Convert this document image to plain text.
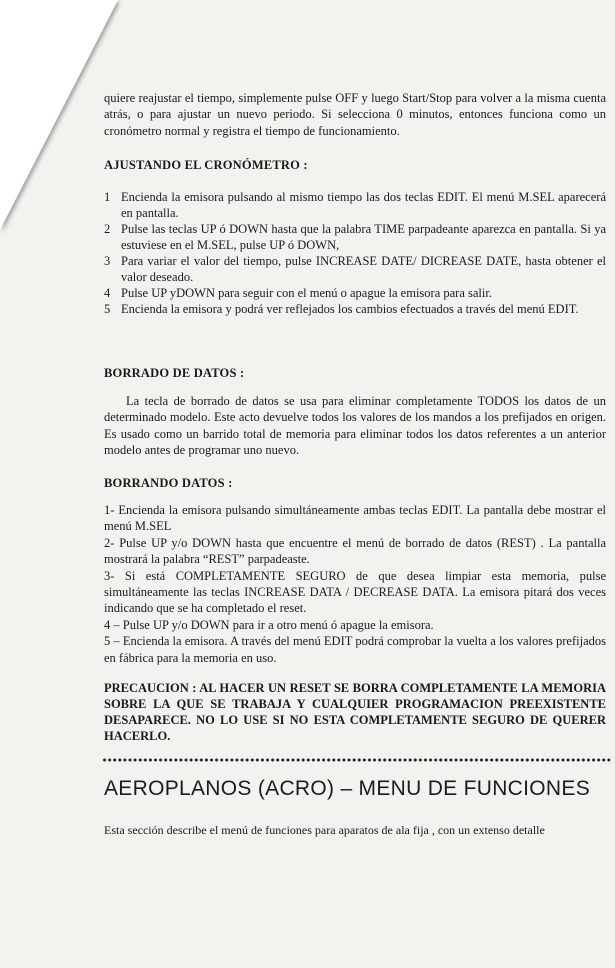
quiere reajustar el tiempo, simplemente pulse OFF y luego Start/Stop para volver a la misma cuenta atrás, o para ajustar un nuevo periodo. Si selecciona 0 minutos, entonces funciona como un cronómetro normal y registra el tiempo de funcionamiento.

AJUSTANDO EL CRONÓMETRO :
1 Encienda la emisora pulsando al mismo tiempo las dos teclas EDIT. El menú M.SEL aparecerá en pantalla.
2 Pulse las teclas UP ó DOWN hasta que la palabra TIME parpadeante aparezca en pantalla. Si ya estuviese en el M.SEL, pulse UP ó DOWN,
3 Para variar el valor del tiempo, pulse INCREASE DATE/ DICREASE DATE, hasta obtener el valor deseado.
4 Pulse UP yDOWN para seguir con el menú o apague la emisora para salir.
5 Encienda la emisora y podrá ver reflejados los cambios efectuados a través del menú EDIT.
BORRADO DE DATOS :
La tecla de borrado de datos se usa para eliminar completamente TODOS los datos de un determinado modelo. Este acto devuelve todos los valores de los mandos a los prefijados en origen. Es usado como un barrido total de memoria para eliminar todos los datos referentes a un anterior modelo antes de programar uno nuevo.
BORRANDO DATOS :

1- Encienda la emisora pulsando simultáneamente ambas teclas EDIT. La pantalla debe mostrar el menú M.SEL

2- Pulse UP y/o DOWN hasta que encuentre el menú de borrado de datos (REST) . La pantalla mostrará la palabra “REST” parpadeaste.

3- Si está COMPLETAMENTE SEGURO de que desea limpiar esta memoria, pulse simultáneamente las teclas INCREASE DATA / DECREASE DATA. La emisora pitará dos veces indicando que se ha completado el reset.

4 – Pulse UP y/o DOWN para ir a otro menú ó apague la emisora.

5 – Encienda la emisora. A través del menú EDIT podrá comprobar la vuelta a los valores prefijados en fábrica para la memoria en uso.

PRECAUCION : AL HACER UN RESET SE BORRA COMPLETAMENTE LA MEMORIA SOBRE LA QUE SE TRABAJA Y CUALQUIER PROGRAMACION PREEXISTENTE DESAPARECE. NO LO USE SI NO ESTA COMPLETAMENTE SEGURO DE QUERER HACERLO.
AEROPLANOS (ACRO) – MENU DE FUNCIONES
Esta sección describe el menú de funciones para aparatos de ala fija , con un extenso detalle
